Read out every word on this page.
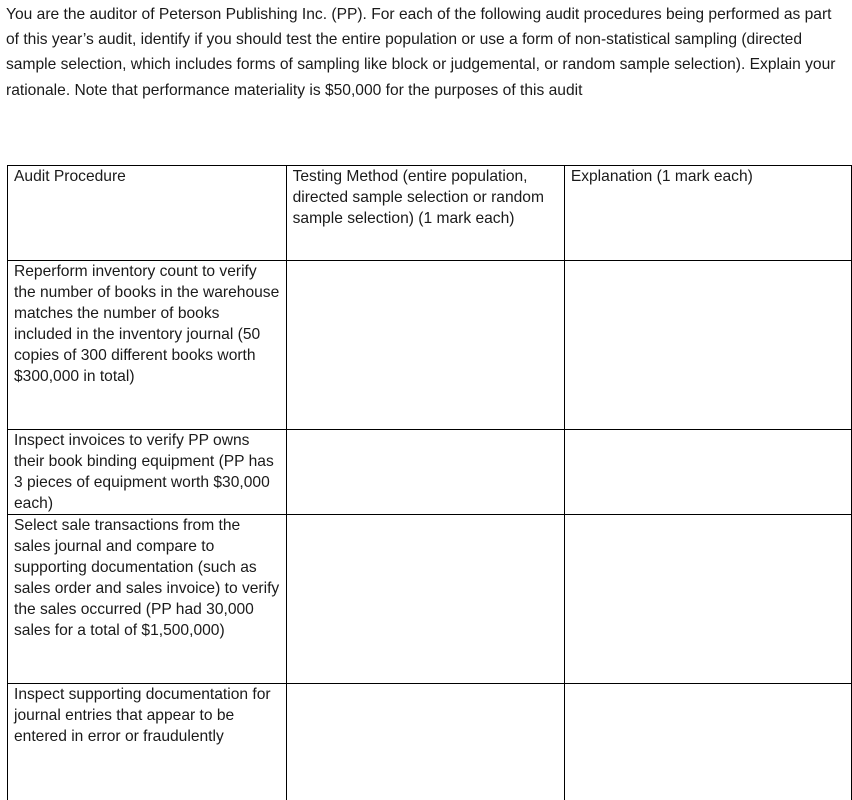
You are the auditor of Peterson Publishing Inc. (PP). For each of the following audit procedures being performed as part of this year’s audit, identify if you should test the entire population or use a form of non-statistical sampling (directed sample selection, which includes forms of sampling like block or judgemental, or random sample selection). Explain your rationale. Note that performance materiality is $50,000 for the purposes of this audit

Audit Procedure	Testing Method (entire population, directed sample selection or random sample selection) (1 mark each)	Explanation (1 mark each)
Reperform inventory count to verify the number of books in the warehouse matches the number of books included in the inventory journal (50 copies of 300 different books worth $300,000 in total)		
Inspect invoices to verify PP owns their book binding equipment (PP has 3 pieces of equipment worth $30,000 each)		
Select sale transactions from the sales journal and compare to supporting documentation (such as sales order and sales invoice) to verify the sales occurred (PP had 30,000 sales for a total of $1,500,000)		
Inspect supporting documentation for journal entries that appear to be entered in error or fraudulently		
